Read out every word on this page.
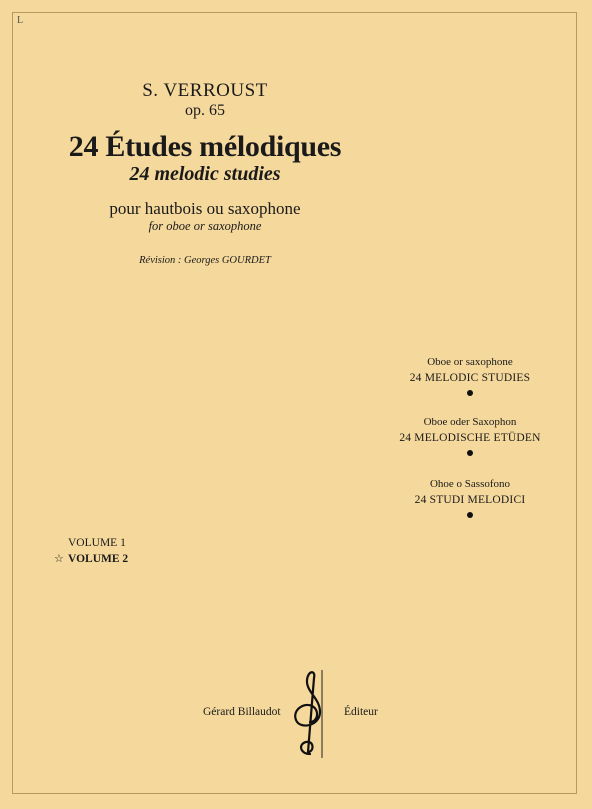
L
S. VERROUST
op. 65
24 Études mélodiques
24 melodic studies
pour hautbois ou saxophone
for oboe or saxophone
Révision : Georges GOURDET
Oboe or saxophone
24 MELODIC STUDIES
Oboe oder Saxophon
24 MELODISCHE ETÜDEN
Ohoe o Sassofono
24 STUDI MELODICI
VOLUME 1
☆ VOLUME 2
Gérard Billaudot	Éditeur
